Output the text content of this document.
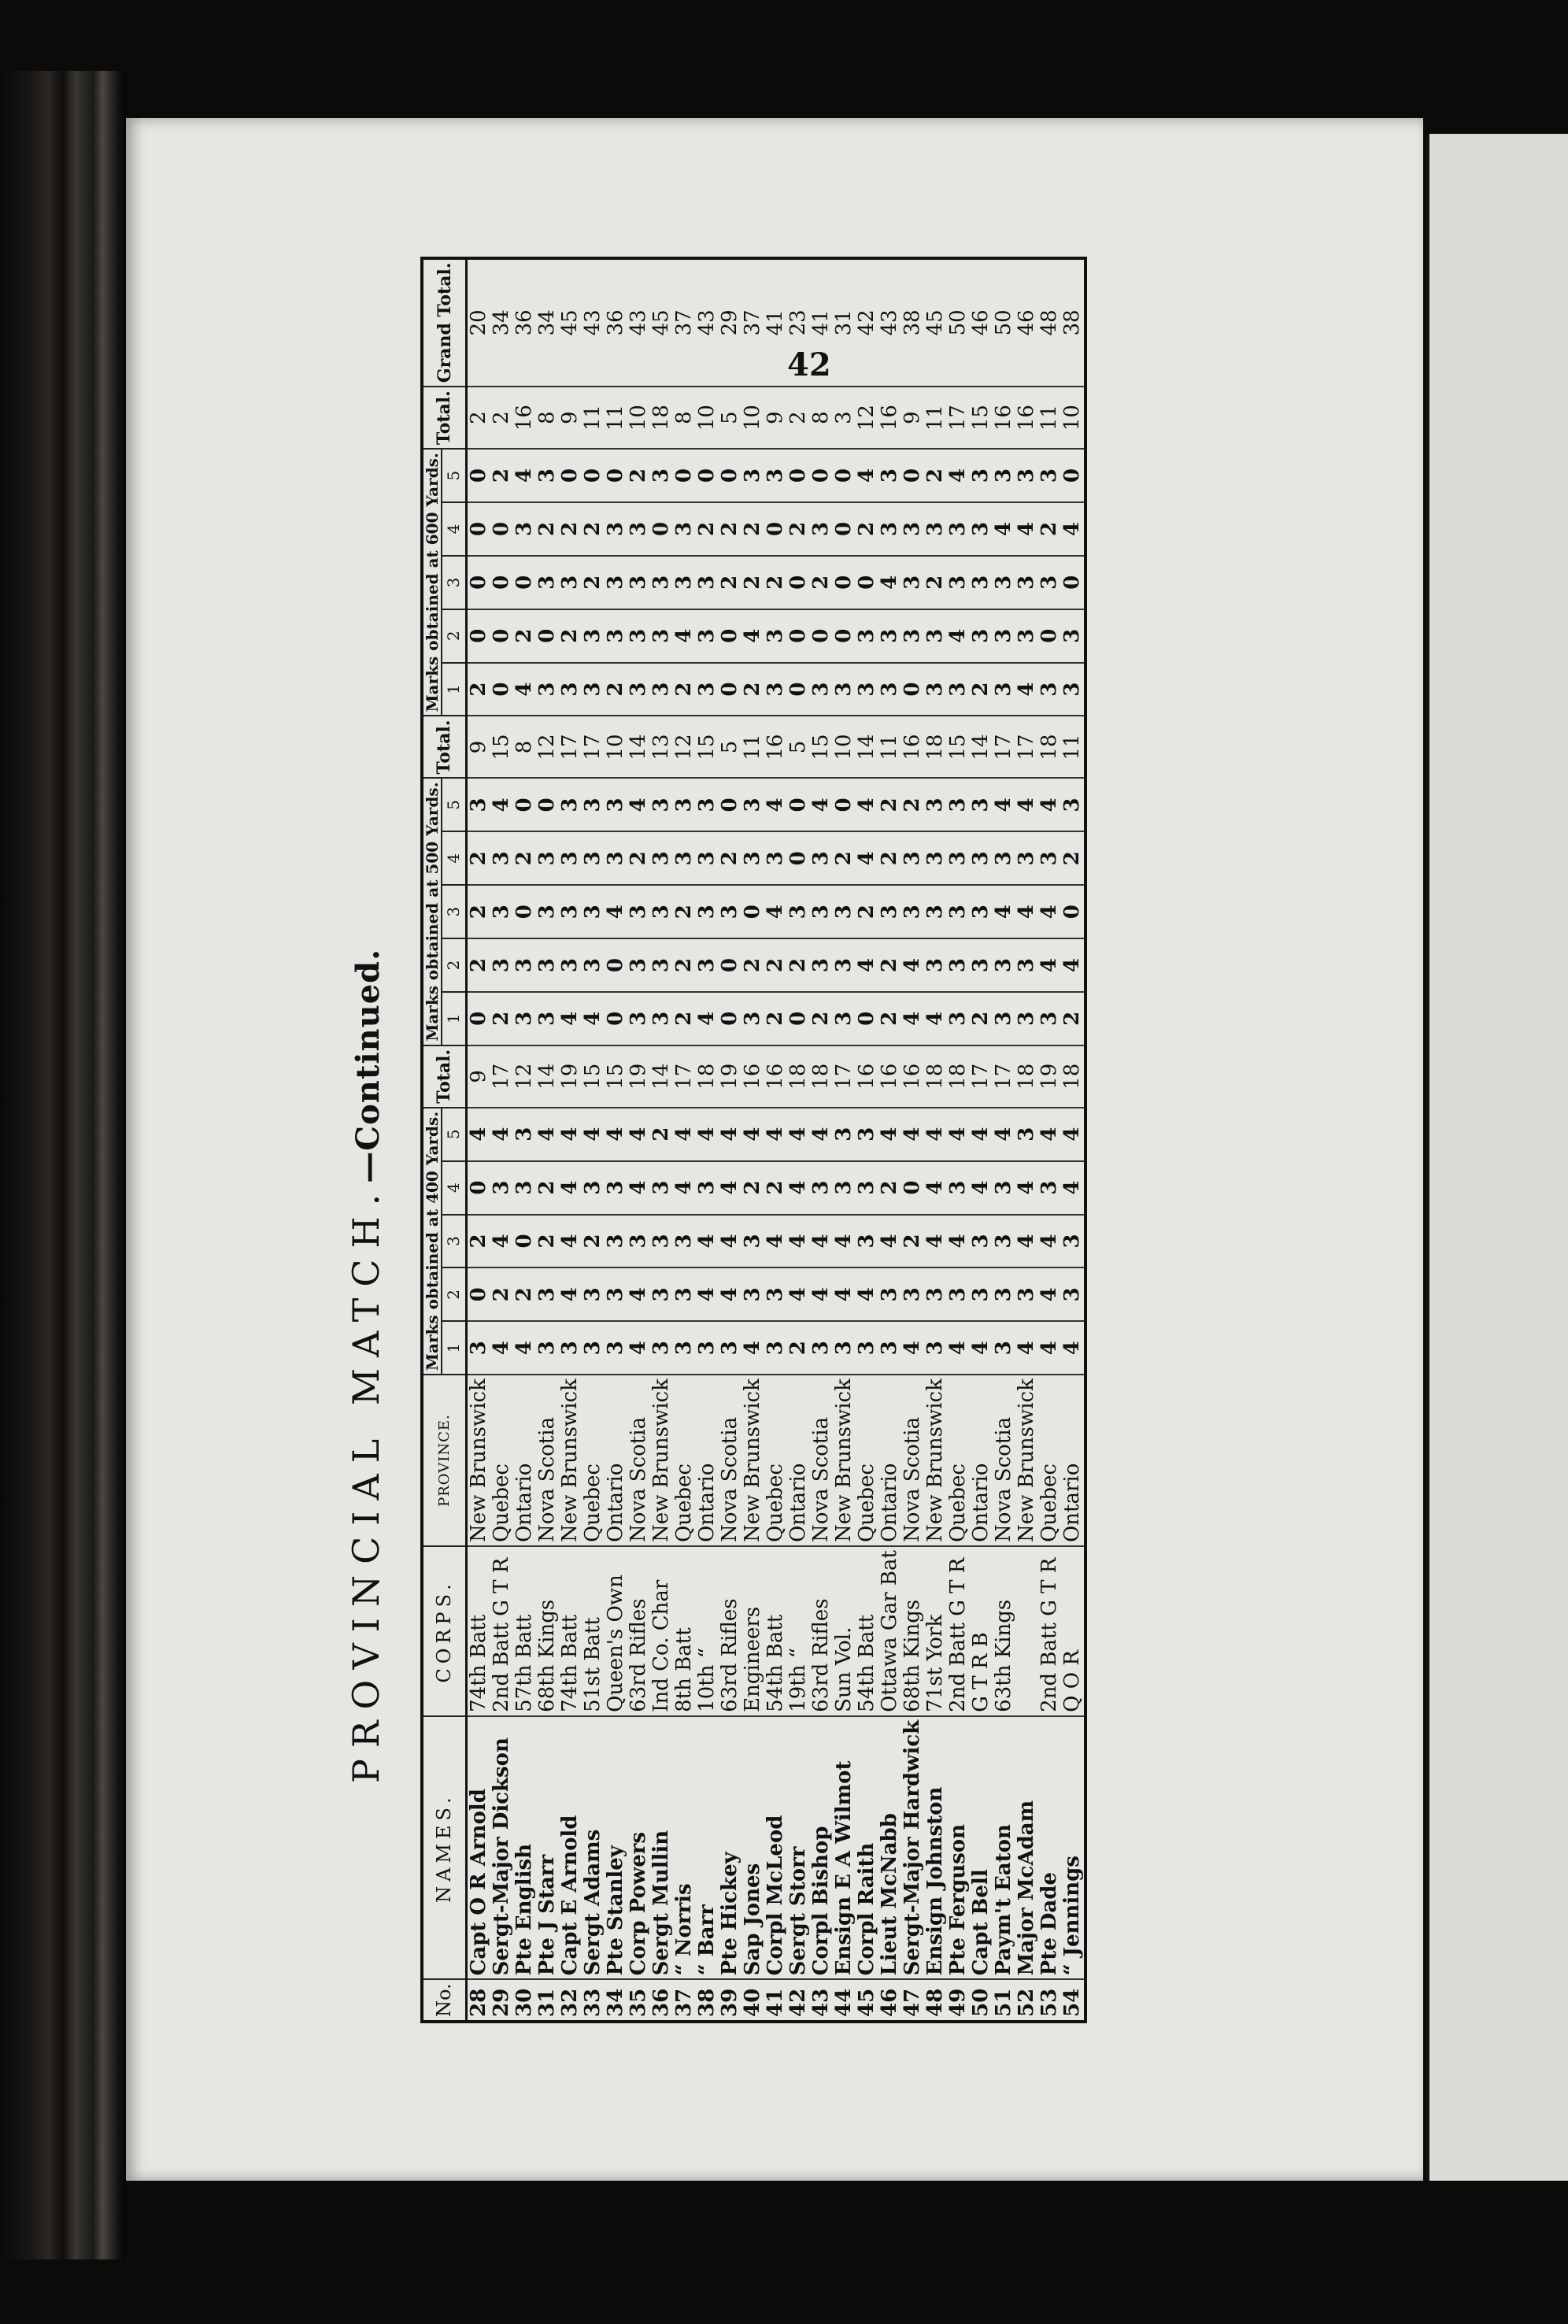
42
PROVINCIAL MATCH.—Continued.
No.	NAMES.	CORPS.	PROVINCE.	Marks obtained at 400 Yards.					Total.	Marks obtained at 500 Yards.					Total.	Marks obtained at 600 Yards.					Total.	Grand Total.
				1	2	3	4	5		1	2	3	4	5		1	2	3	4	5		
28	Capt O R Arnold	74th Batt	New Brunswick	3	0	2	0	4	9	0	2	2	2	3	9	2	0	0	0	0	2	20
29	Sergt-Major Dickson	2nd Batt G T R	Quebec	4	2	4	3	4	17	2	3	3	3	4	15	0	0	0	0	2	2	34
30	Pte English	57th Batt	Ontario	4	2	0	3	3	12	3	3	0	2	0	8	4	2	0	3	4	16	36
31	Pte J Starr	68th Kings	Nova Scotia	3	3	2	2	4	14	3	3	3	3	0	12	3	0	3	2	3	8	34
32	Capt E Arnold	74th Batt	New Brunswick	3	4	4	4	4	19	4	3	3	3	3	17	3	2	3	2	0	9	45
33	Sergt Adams	51st Batt	Quebec	3	3	2	3	4	15	4	3	3	3	3	17	3	3	2	2	0	11	43
34	Pte Stanley	Queen's Own	Ontario	3	3	3	3	4	15	0	0	4	3	3	10	2	3	3	3	0	11	36
35	Corp Powers	63rd Rifles	Nova Scotia	4	4	3	4	4	19	3	3	3	2	4	14	3	3	3	3	2	10	43
36	Sergt Mullin	Ind Co. Char	New Brunswick	3	3	3	3	2	14	3	3	3	3	3	13	3	3	3	0	3	18	45
37	“ Norris	8th Batt	Quebec	3	3	3	4	4	17	2	2	2	3	3	12	2	4	3	3	0	8	37
38	“ Barr	10th “	Ontario	3	4	4	3	4	18	4	3	3	3	3	15	3	3	3	2	0	10	43
39	Pte Hickey	63rd Rifles	Nova Scotia	3	4	4	4	4	19	0	0	3	2	0	5	0	0	2	2	0	5	29
40	Sap Jones	Engineers	New Brunswick	4	3	3	2	4	16	3	2	0	3	3	11	2	4	2	2	3	10	37
41	Corpl McLeod	54th Batt	Quebec	3	3	4	2	4	16	2	2	4	3	4	16	3	3	2	0	3	9	41
42	Sergt Storr	19th “	Ontario	2	4	4	4	4	18	0	2	3	0	0	5	0	0	0	2	0	2	23
43	Corpl Bishop	63rd Rifles	Nova Scotia	3	4	4	3	4	18	2	3	3	3	4	15	3	0	2	3	0	8	41
44	Ensign E A Wilmot	Sun Vol.	New Brunswick	3	4	4	3	3	17	3	3	3	2	0	10	3	0	0	0	0	3	31
45	Corpl Raith	54th Batt	Quebec	3	4	3	3	3	16	0	4	2	4	4	14	3	3	0	2	4	12	42
46	Lieut McNabb	Ottawa Gar Bat	Ontario	3	3	4	2	4	16	2	2	3	2	2	11	3	3	4	3	3	16	43
47	Sergt-Major Hardwick	68th Kings	Nova Scotia	4	3	2	0	4	16	4	4	3	3	2	16	0	3	3	3	0	9	38
48	Ensign Johnston	71st York	New Brunswick	3	3	4	4	4	18	4	3	3	3	3	18	3	3	2	3	2	11	45
49	Pte Ferguson	2nd Batt G T R	Quebec	4	3	4	3	4	18	3	3	3	3	3	15	3	4	3	3	4	17	50
50	Capt Bell	G T R B	Ontario	4	3	3	4	4	17	2	3	3	3	3	14	2	3	3	3	3	15	46
51	Paym't Eaton	63th Kings	Nova Scotia	3	3	3	3	4	17	3	3	4	3	4	17	3	3	3	4	3	16	50
52	Major McAdam		New Brunswick	4	3	4	4	3	18	3	3	4	3	4	17	4	3	3	4	3	16	46
53	Pte Dade	2nd Batt G T R	Quebec	4	4	4	3	4	19	3	4	4	3	4	18	3	0	3	2	3	11	48
54	“ Jennings	Q O R	Ontario	4	3	3	4	4	18	2	4	0	2	3	11	3	3	0	4	0	10	38
